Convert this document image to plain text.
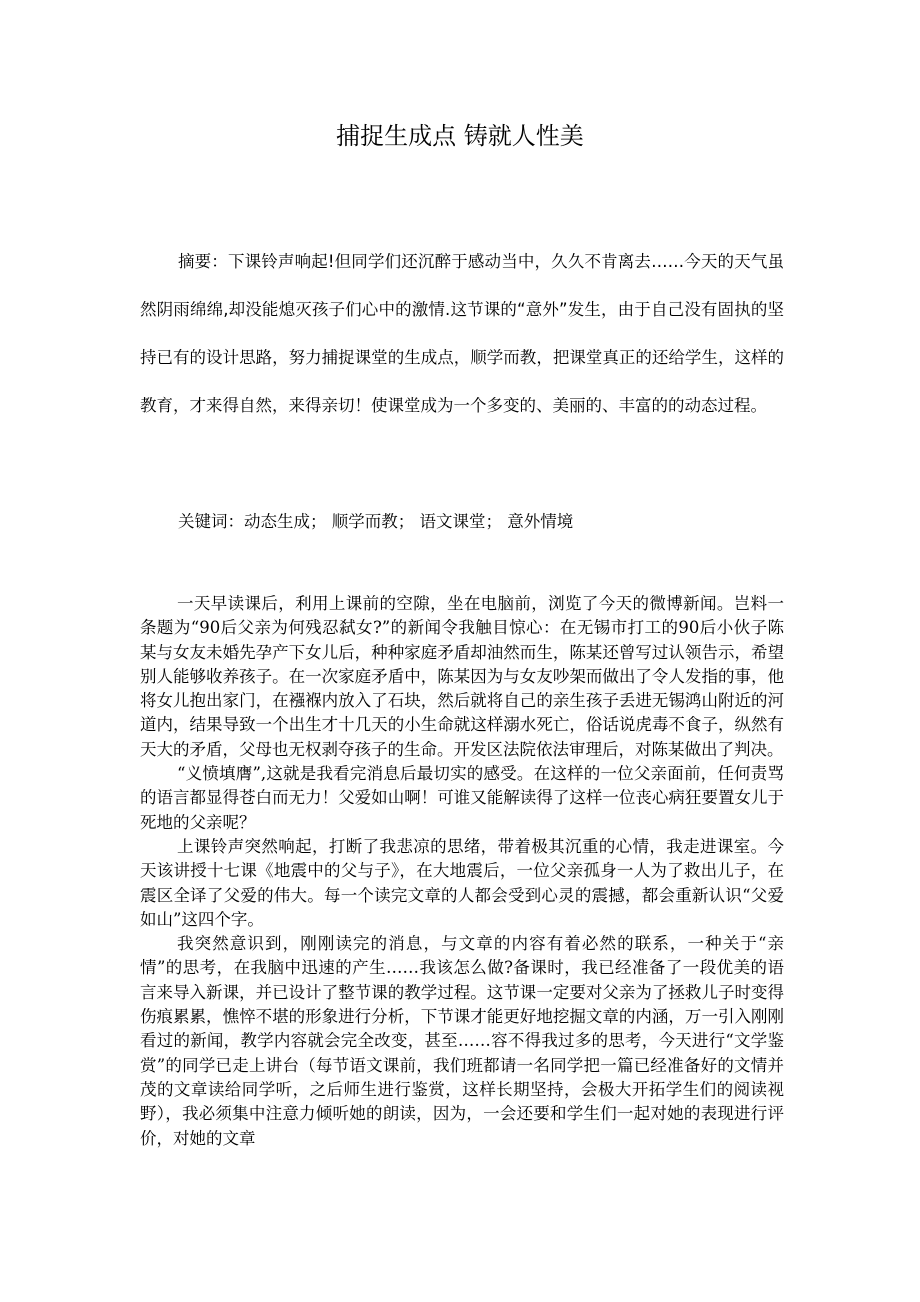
捕捉生成点 铸就人性美

摘要：下课铃声响起!但同学们还沉醉于感动当中，久久不肯离去……今天的天气虽然阴雨绵绵,却没能熄灭孩子们心中的激情.这节课的“意外”发生，由于自己没有固执的坚持已有的设计思路，努力捕捉课堂的生成点，顺学而教，把课堂真正的还给学生，这样的教育，才来得自然，来得亲切！使课堂成为一个多变的、美丽的、丰富的的动态过程。

关键词：动态生成； 顺学而教； 语文课堂； 意外情境

一天早读课后，利用上课前的空隙，坐在电脑前，浏览了今天的微博新闻。岂料一条题为“90后父亲为何残忍弑女?”的新闻令我触目惊心：在无锡市打工的90后小伙子陈某与女友未婚先孕产下女儿后，种种家庭矛盾却油然而生，陈某还曾写过认领告示，希望别人能够收养孩子。在一次家庭矛盾中，陈某因为与女友吵架而做出了令人发指的事，他将女儿抱出家门，在襁褓内放入了石块，然后就将自己的亲生孩子丢进无锡鸿山附近的河道内，结果导致一个出生才十几天的小生命就这样溺水死亡，俗话说虎毒不食子，纵然有天大的矛盾，父母也无权剥夺孩子的生命。开发区法院依法审理后，对陈某做出了判决。

“义愤填膺”,这就是我看完消息后最切实的感受。在这样的一位父亲面前，任何责骂的语言都显得苍白而无力！父爱如山啊！可谁又能解读得了这样一位丧心病狂要置女儿于死地的父亲呢？

上课铃声突然响起，打断了我悲凉的思绪，带着极其沉重的心情，我走进课室。今天该讲授十七课《地震中的父与子》，在大地震后，一位父亲孤身一人为了救出儿子，在震区全译了父爱的伟大。每一个读完文章的人都会受到心灵的震撼，都会重新认识“父爱如山”这四个字。

我突然意识到，刚刚读完的消息，与文章的内容有着必然的联系，一种关于“亲情”的思考，在我脑中迅速的产生……我该怎么做?备课时，我已经准备了一段优美的语言来导入新课，并已设计了整节课的教学过程。这节课一定要对父亲为了拯救儿子时变得伤痕累累，憔悴不堪的形象进行分析，下节课才能更好地挖掘文章的内涵，万一引入刚刚看过的新闻，教学内容就会完全改变，甚至……容不得我过多的思考，今天进行“文学鉴赏”的同学已走上讲台（每节语文课前，我们班都请一名同学把一篇已经准备好的文情并茂的文章读给同学听，之后师生进行鉴赏，这样长期坚持，会极大开拓学生们的阅读视野），我必须集中注意力倾听她的朗读，因为，一会还要和学生们一起对她的表现进行评价，对她的文章
